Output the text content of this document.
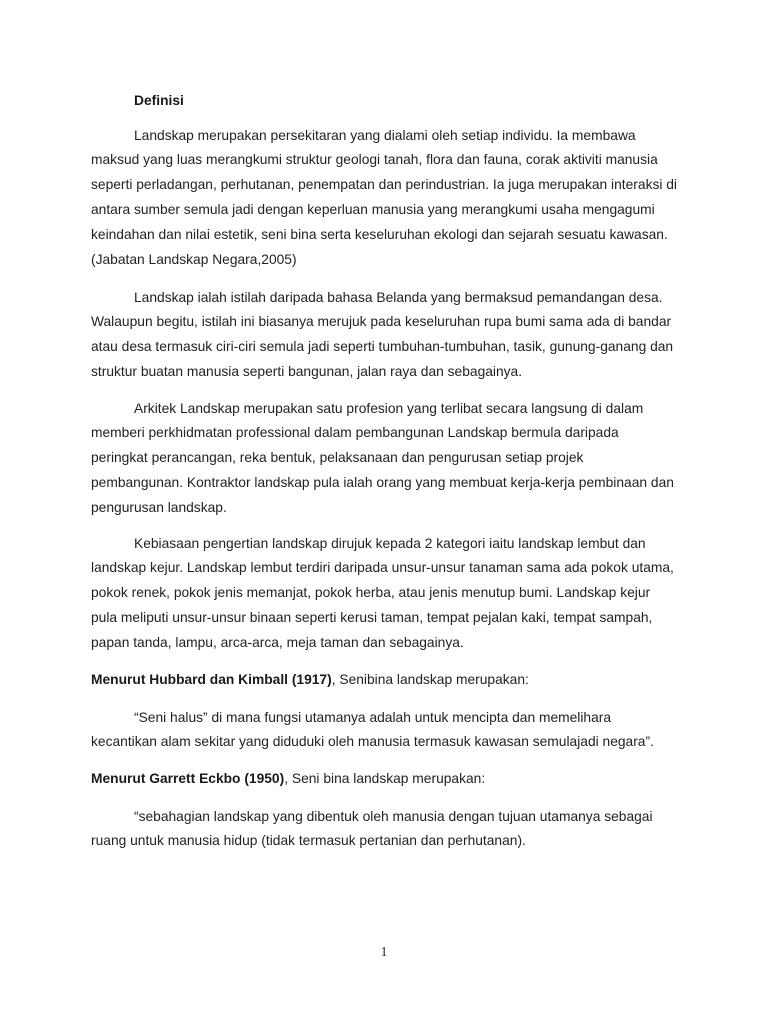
Definisi
Landskap merupakan persekitaran yang dialami oleh setiap individu. Ia membawa
maksud yang luas merangkumi struktur geologi tanah, flora dan fauna, corak aktiviti manusia
seperti perladangan, perhutanan, penempatan dan perindustrian. Ia juga merupakan interaksi di
antara sumber semula jadi dengan keperluan manusia yang merangkumi usaha mengagumi
keindahan dan nilai estetik, seni bina serta keseluruhan ekologi dan sejarah sesuatu kawasan.
(Jabatan Landskap Negara,2005)
Landskap ialah istilah daripada bahasa Belanda yang bermaksud pemandangan desa.
Walaupun begitu, istilah ini biasanya merujuk pada keseluruhan rupa bumi sama ada di bandar
atau desa termasuk ciri-ciri semula jadi seperti tumbuhan-tumbuhan, tasik, gunung-ganang dan
struktur buatan manusia seperti bangunan, jalan raya dan sebagainya.
Arkitek Landskap merupakan satu profesion yang terlibat secara langsung di dalam
memberi perkhidmatan professional dalam pembangunan Landskap bermula daripada
peringkat perancangan, reka bentuk, pelaksanaan dan pengurusan setiap projek
pembangunan. Kontraktor landskap pula ialah orang yang membuat kerja-kerja pembinaan dan
pengurusan landskap.
Kebiasaan pengertian landskap dirujuk kepada 2 kategori iaitu landskap lembut dan
landskap kejur. Landskap lembut terdiri daripada unsur-unsur tanaman sama ada pokok utama,
pokok renek, pokok jenis memanjat, pokok herba, atau jenis menutup bumi. Landskap kejur
pula meliputi unsur-unsur binaan seperti kerusi taman, tempat pejalan kaki, tempat sampah,
papan tanda, lampu, arca-arca, meja taman dan sebagainya.
Menurut Hubbard dan Kimball (1917), Senibina landskap merupakan:
“Seni halus” di mana fungsi utamanya adalah untuk mencipta dan memelihara
kecantikan alam sekitar yang diduduki oleh manusia termasuk kawasan semulajadi negara”.
Menurut Garrett Eckbo (1950), Seni bina landskap merupakan:
“sebahagian landskap yang dibentuk oleh manusia dengan tujuan utamanya sebagai
ruang untuk manusia hidup (tidak termasuk pertanian dan perhutanan).
1
